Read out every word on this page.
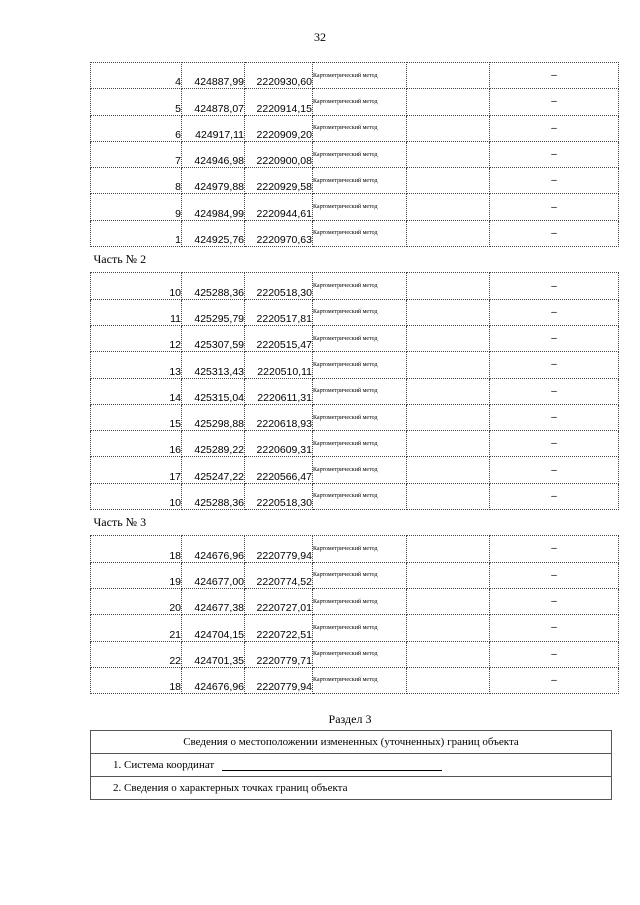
32
4	424887,99	2220930,60	Картометрический метод		–
5	424878,07	2220914,15	Картометрический метод		–
6	424917,11	2220909,20	Картометрический метод		–
7	424946,98	2220900,08	Картометрический метод		–
8	424979,88	2220929,58	Картометрический метод		–
9	424984,99	2220944,61	Картометрический метод		–
1	424925,76	2220970,63	Картометрический метод		–
Часть № 2					
10	425288,36	2220518,30	Картометрический метод		–
11	425295,79	2220517,81	Картометрический метод		–
12	425307,59	2220515,47	Картометрический метод		–
13	425313,43	2220510,11	Картометрический метод		–
14	425315,04	2220611,31	Картометрический метод		–
15	425298,88	2220618,93	Картометрический метод		–
16	425289,22	2220609,31	Картометрический метод		–
17	425247,22	2220566,47	Картометрический метод		–
10	425288,36	2220518,30	Картометрический метод		–
Часть № 3					
18	424676,96	2220779,94	Картометрический метод		–
19	424677,00	2220774,52	Картометрический метод		–
20	424677,38	2220727,01	Картометрический метод		–
21	424704,15	2220722,51	Картометрический метод		–
22	424701,35	2220779,71	Картометрический метод		–
18	424676,96	2220779,94	Картометрический метод		–
Раздел 3
Сведения о местоположении измененных (уточненных) границ объекта
1. Система координат
2. Сведения о характерных точках границ объекта
